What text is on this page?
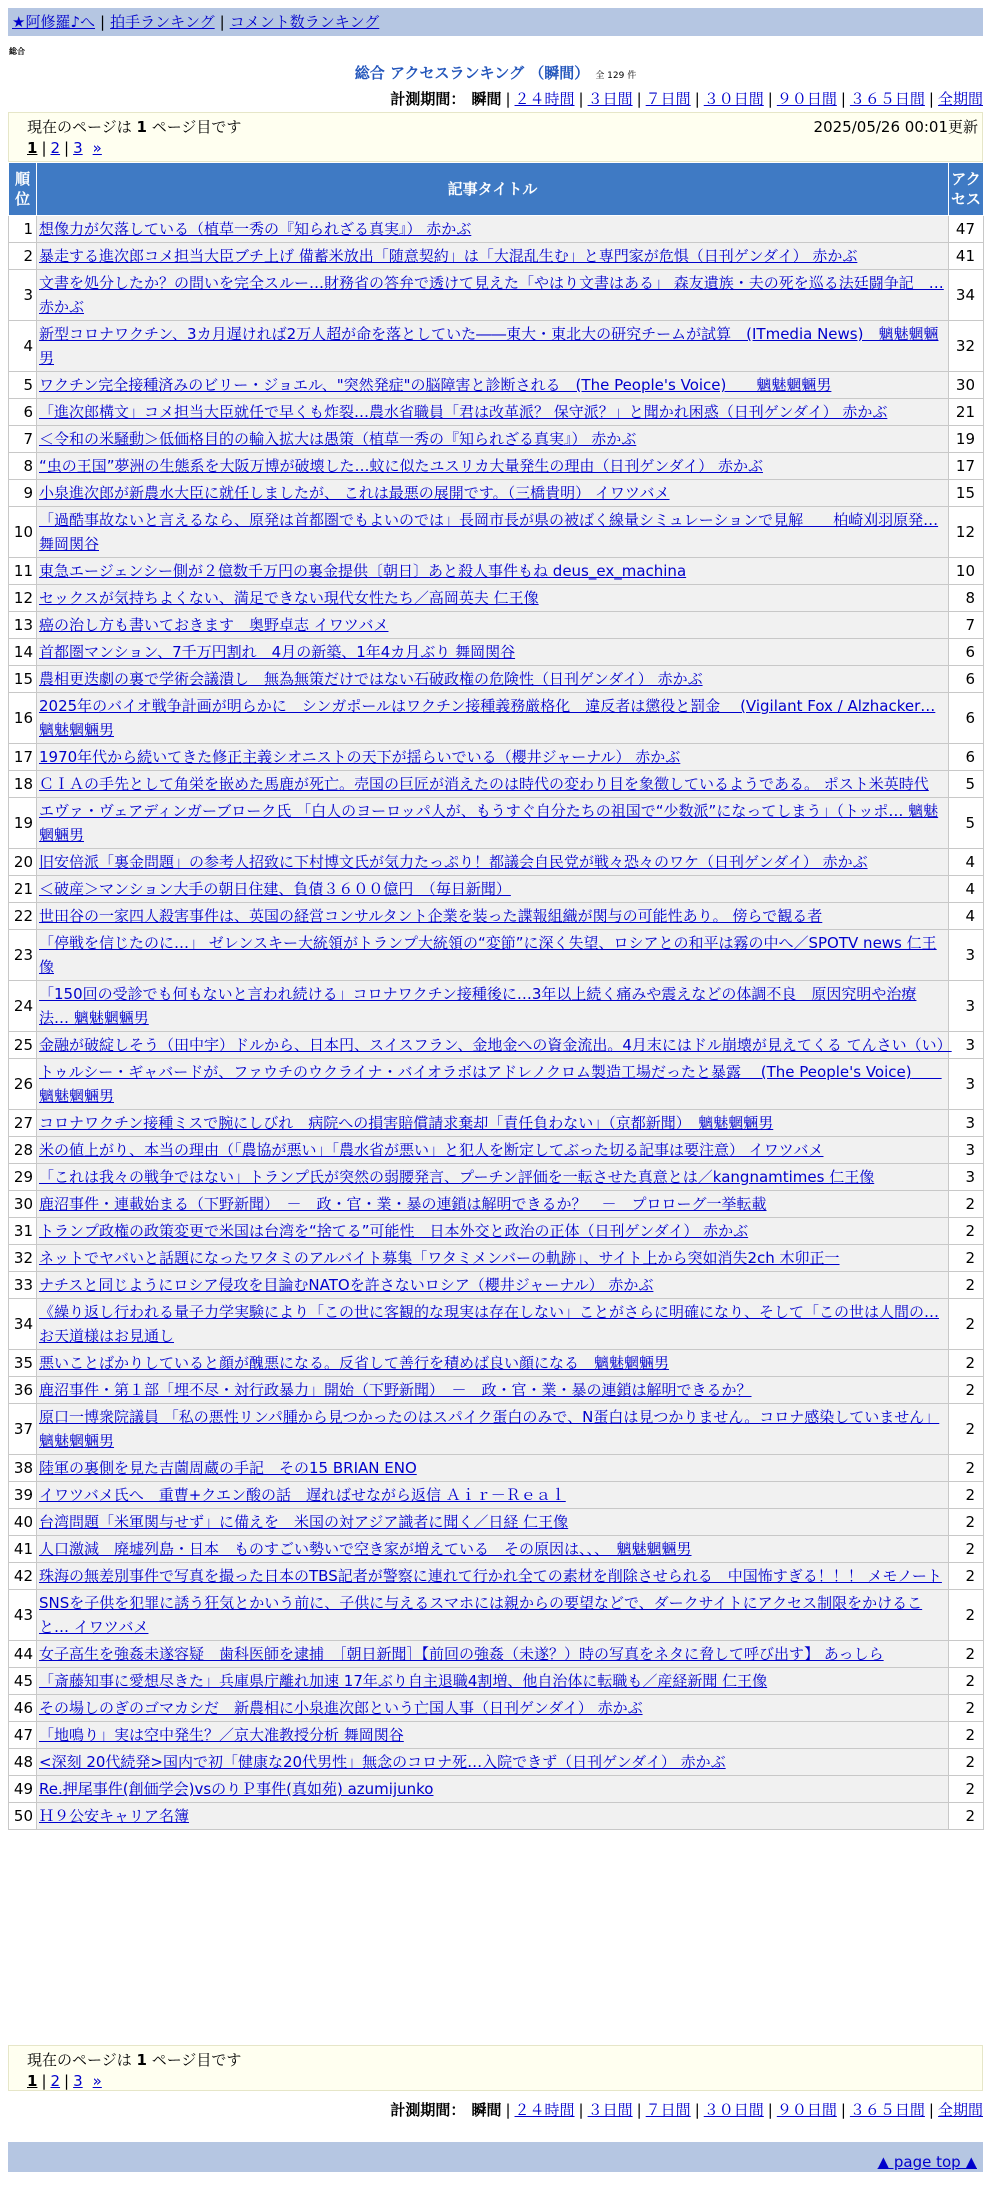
★阿修羅♪へ | 拍手ランキング | コメント数ランキング
総合
総合 アクセスランキング （瞬間） 全 129 件
計測期間： 瞬間 | ２４時間 | ３日間 | ７日間 | ３０日間 | ９０日間 | ３６５日間 | 全期間
現在のページは 1 ページ目です	2025/05/26 00:01更新
1 | 2 | 3 »
順位	記事タイトル	アクセス
1	想像力が欠落している（植草一秀の『知られざる真実』） 赤かぶ	47
2	暴走する進次郎コメ担当大臣ブチ上げ 備蓄米放出「随意契約」は「大混乱生む」と専門家が危惧（日刊ゲンダイ） 赤かぶ	41
3	文書を処分したか？の問いを完全スルー…財務省の答弁で透けて見えた「やはり文書はある」 森友遺族・夫の死を巡る法廷闘争記　… 赤かぶ	34
4	新型コロナワクチン、3カ月遅ければ2万人超が命を落としていた――東大・東北大の研究チームが試算　(ITmedia News)　魑魅魍魎男	32
5	ワクチン完全接種済みのビリー・ジョエル、"突然発症"の脳障害と診断される　(The People's Voice)　　魑魅魍魎男	30
6	「進次郎構文」コメ担当大臣就任で早くも炸裂…農水省職員「君は改革派？ 保守派？」と聞かれ困惑（日刊ゲンダイ） 赤かぶ	21
7	＜令和の米騒動＞低価格目的の輸入拡大は愚策（植草一秀の『知られざる真実』） 赤かぶ	19
8	“虫の王国”夢洲の生態系を大阪万博が破壊した…蚊に似たユスリカ大量発生の理由（日刊ゲンダイ） 赤かぶ	17
9	小泉進次郎が新農水大臣に就任しましたが、 これは最悪の展開です。（三橋貴明） イワツバメ	15
10	「過酷事故ないと言えるなら、原発は首都圏でもよいのでは」長岡市長が県の被ばく線量シミュレーションで見解　　柏崎刈羽原発… 舞岡関谷	12
11	東急エージェンシー側が２億数千万円の裏金提供〔朝日〕あと殺人事件もね deus_ex_machina	10
12	セックスが気持ちよくない、満足できない現代女性たち／高岡英夫 仁王像	8
13	癌の治し方も書いておきます　奥野卓志 イワツバメ	7
14	首都圏マンション、7千万円割れ　4月の新築、1年4カ月ぶり 舞岡関谷	6
15	農相更迭劇の裏で学術会議潰し　無為無策だけではない石破政権の危険性（日刊ゲンダイ） 赤かぶ	6
16	2025年のバイオ戦争計画が明らかに　シンガポールはワクチン接種義務厳格化　違反者は懲役と罰金　 (Vigilant Fox / Alzhacker… 魑魅魍魎男	6
17	1970年代から続いてきた修正主義シオニストの天下が揺らいでいる（櫻井ジャーナル） 赤かぶ	6
18	ＣＩＡの手先として角栄を嵌めた馬鹿が死亡。売国の巨匠が消えたのは時代の変わり目を象徴しているようである。 ポスト米英時代	5
19	エヴァ・ヴェアディンガーブローク氏 「白人のヨーロッパ人が、もうすぐ自分たちの祖国で“少数派”になってしまう」（トッポ… 魑魅魍魎男	5
20	旧安倍派「裏金問題」の参考人招致に下村博文氏が気力たっぷり！都議会自民党が戦々恐々のワケ（日刊ゲンダイ） 赤かぶ	4
21	＜破産＞マンション大手の朝日住建、負債３６００億円　（毎日新聞）	4
22	世田谷の一家四人殺害事件は、英国の経営コンサルタント企業を装った諜報組織が関与の可能性あり。 傍らで観る者	4
23	「停戦を信じたのに…」 ゼレンスキー大統領がトランプ大統領の“変節”に深く失望、ロシアとの和平は霧の中へ／SPOTV news 仁王像	3
24	「150回の受診でも何もないと言われ続ける」コロナワクチン接種後に…3年以上続く痛みや震えなどの体調不良　原因究明や治療法… 魑魅魍魎男	3
25	金融が破綻しそう（田中宇）ドルから、日本円、スイスフラン、金地金への資金流出。4月末にはドル崩壊が見えてくる てんさい（い）	3
26	トゥルシー・ギャバードが、ファウチのウクライナ・バイオラボはアドレノクロム製造工場だったと暴露　 (The People's Voice)　　魑魅魍魎男	3
27	コロナワクチン接種ミスで腕にしびれ　病院への損害賠償請求棄却「責任負わない」（京都新聞）　魑魅魍魎男	3
28	米の値上がり、本当の理由（「農協が悪い」「農水省が悪い」と犯人を断定してぶった切る記事は要注意） イワツバメ	3
29	「これは我々の戦争ではない」トランプ氏が突然の弱腰発言、プーチン評価を一転させた真意とは／kangnamtimes 仁王像	3
30	鹿沼事件・連載始まる（下野新聞）　－　政・官・業・暴の連鎖は解明できるか？　－　プロローグ一挙転載	2
31	トランプ政権の政策変更で米国は台湾を“捨てる”可能性　日本外交と政治の正体（日刊ゲンダイ） 赤かぶ	2
32	ネットでヤバいと話題になったワタミのアルバイト募集「ワタミメンバーの軌跡」、サイト上から突如消失2ch 木卯正一	2
33	ナチスと同じようにロシア侵攻を目論むNATOを許さないロシア（櫻井ジャーナル） 赤かぶ	2
34	《繰り返し行われる量子力学実験により「この世に客観的な現実は存在しない」ことがさらに明確になり、そして「この世は人間の… お天道様はお見通し	2
35	悪いことばかりしていると顔が醜悪になる。反省して善行を積めば良い顔になる　魑魅魍魎男	2
36	鹿沼事件・第１部「埋不尽・対行政暴力」開始（下野新聞）　－　政・官・業・暴の連鎖は解明できるか？	2
37	原口一博衆院議員 「私の悪性リンパ腫から見つかったのはスパイク蛋白のみで、N蛋白は見つかりません。コロナ感染していません」 魑魅魍魎男	2
38	陸軍の裏側を見た吉薗周蔵の手記　その15 BRIAN ENO	2
39	イワツバメ氏へ　重曹+クエン酸の話　遅ればせながら返信 Ａｉｒ－Ｒｅａｌ	2
40	台湾問題「米軍関与せず」に備えを　米国の対アジア識者に聞く／日経 仁王像	2
41	人口激減　廃墟列島・日本　ものすごい勢いで空き家が増えている　その原因は、、、　魑魅魍魎男	2
42	珠海の無差別事件で写真を撮った日本のTBS記者が警察に連れて行かれ全ての素材を削除させられる　中国怖すぎる！！！ メモノート	2
43	SNSを子供を犯罪に誘う狂気とかいう前に、子供に与えるスマホには親からの要望などで、ダークサイトにアクセス制限をかけること… イワツバメ	2
44	女子高生を強姦未遂容疑　歯科医師を逮捕　［朝日新聞］【前回の強姦（未遂？）時の写真をネタに脅して呼び出す】 あっしら	2
45	「斎藤知事に愛想尽きた」兵庫県庁離れ加速 17年ぶり自主退職4割増、他自治体に転職も／産経新聞 仁王像	2
46	その場しのぎのゴマカシだ　新農相に小泉進次郎という亡国人事（日刊ゲンダイ） 赤かぶ	2
47	「地鳴り」実は空中発生？／京大准教授分析 舞岡関谷	2
48	<深刻 20代続発>国内で初「健康な20代男性」無念のコロナ死…入院できず（日刊ゲンダイ） 赤かぶ	2
49	Re.押尾事件(創価学会)vsのりＰ事件(真如苑) azumijunko	2
50	Ｈ９公安キャリア名簿	2
現在のページは 1 ページ目です
1 | 2 | 3 »
計測期間： 瞬間 | ２４時間 | ３日間 | ７日間 | ３０日間 | ９０日間 | ３６５日間 | 全期間
▲ page top ▲
